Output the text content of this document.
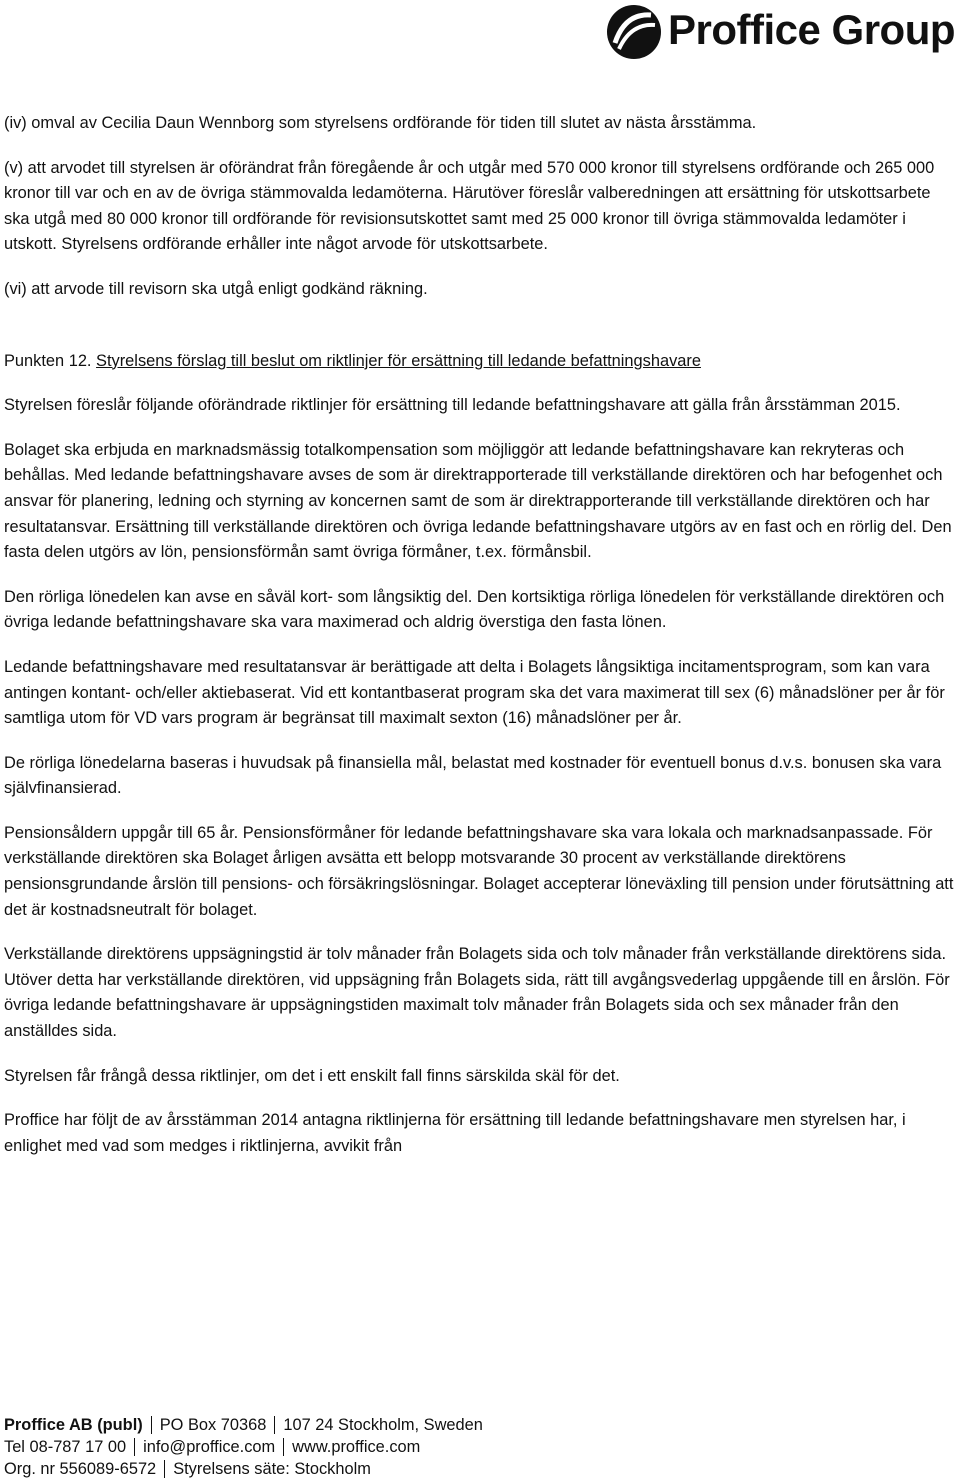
Proffice Group

(iv) omval av Cecilia Daun Wennborg som styrelsens ordförande för tiden till slutet av nästa årsstämma.

(v) att arvodet till styrelsen är oförändrat från föregående år och utgår med 570 000 kronor till styrelsens ordförande och 265 000 kronor till var och en av de övriga stämmovalda ledamöterna. Härutöver föreslår valberedningen att ersättning för utskottsarbete ska utgå med 80 000 kronor till ordförande för revisionsutskottet samt med 25 000 kronor till övriga stämmovalda ledamöter i utskott. Styrelsens ordförande erhåller inte något arvode för utskottsarbete.

(vi) att arvode till revisorn ska utgå enligt godkänd räkning.

Punkten 12. Styrelsens förslag till beslut om riktlinjer för ersättning till ledande befattningshavare

Styrelsen föreslår följande oförändrade riktlinjer för ersättning till ledande befattningshavare att gälla från årsstämman 2015.

Bolaget ska erbjuda en marknadsmässig totalkompensation som möjliggör att ledande befattningshavare kan rekryteras och behållas. Med ledande befattningshavare avses de som är direktrapporterade till verkställande direktören och har befogenhet och ansvar för planering, ledning och styrning av koncernen samt de som är direktrapporterande till verkställande direktören och har resultatansvar. Ersättning till verkställande direktören och övriga ledande befattningshavare utgörs av en fast och en rörlig del. Den fasta delen utgörs av lön, pensionsförmån samt övriga förmåner, t.ex. förmånsbil.

Den rörliga lönedelen kan avse en såväl kort- som långsiktig del. Den kortsiktiga rörliga lönedelen för verkställande direktören och övriga ledande befattningshavare ska vara maximerad och aldrig överstiga den fasta lönen.

Ledande befattningshavare med resultatansvar är berättigade att delta i Bolagets långsiktiga incitamentsprogram, som kan vara antingen kontant- och/eller aktiebaserat. Vid ett kontantbaserat program ska det vara maximerat till sex (6) månadslöner per år för samtliga utom för VD vars program är begränsat till maximalt sexton (16) månadslöner per år.

De rörliga lönedelarna baseras i huvudsak på finansiella mål, belastat med kostnader för eventuell bonus d.v.s. bonusen ska vara självfinansierad.

Pensionsåldern uppgår till 65 år. Pensionsförmåner för ledande befattningshavare ska vara lokala och marknadsanpassade. För verkställande direktören ska Bolaget årligen avsätta ett belopp motsvarande 30 procent av verkställande direktörens pensionsgrundande årslön till pensions- och försäkringslösningar. Bolaget accepterar löneväxling till pension under förutsättning att det är kostnadsneutralt för bolaget.

Verkställande direktörens uppsägningstid är tolv månader från Bolagets sida och tolv månader från verkställande direktörens sida. Utöver detta har verkställande direktören, vid uppsägning från Bolagets sida, rätt till avgångsvederlag uppgående till en årslön. För övriga ledande befattningshavare är uppsägningstiden maximalt tolv månader från Bolagets sida och sex månader från den anställdes sida.

Styrelsen får frångå dessa riktlinjer, om det i ett enskilt fall finns särskilda skäl för det.

Proffice har följt de av årsstämman 2014 antagna riktlinjerna för ersättning till ledande befattningshavare men styrelsen har, i enlighet med vad som medges i riktlinjerna, avvikit från

Proffice AB (publ) PO Box 70368 107 24 Stockholm, Sweden
Tel 08-787 17 00 info@proffice.com www.proffice.com
Org. nr 556089-6572 Styrelsens säte: Stockholm
